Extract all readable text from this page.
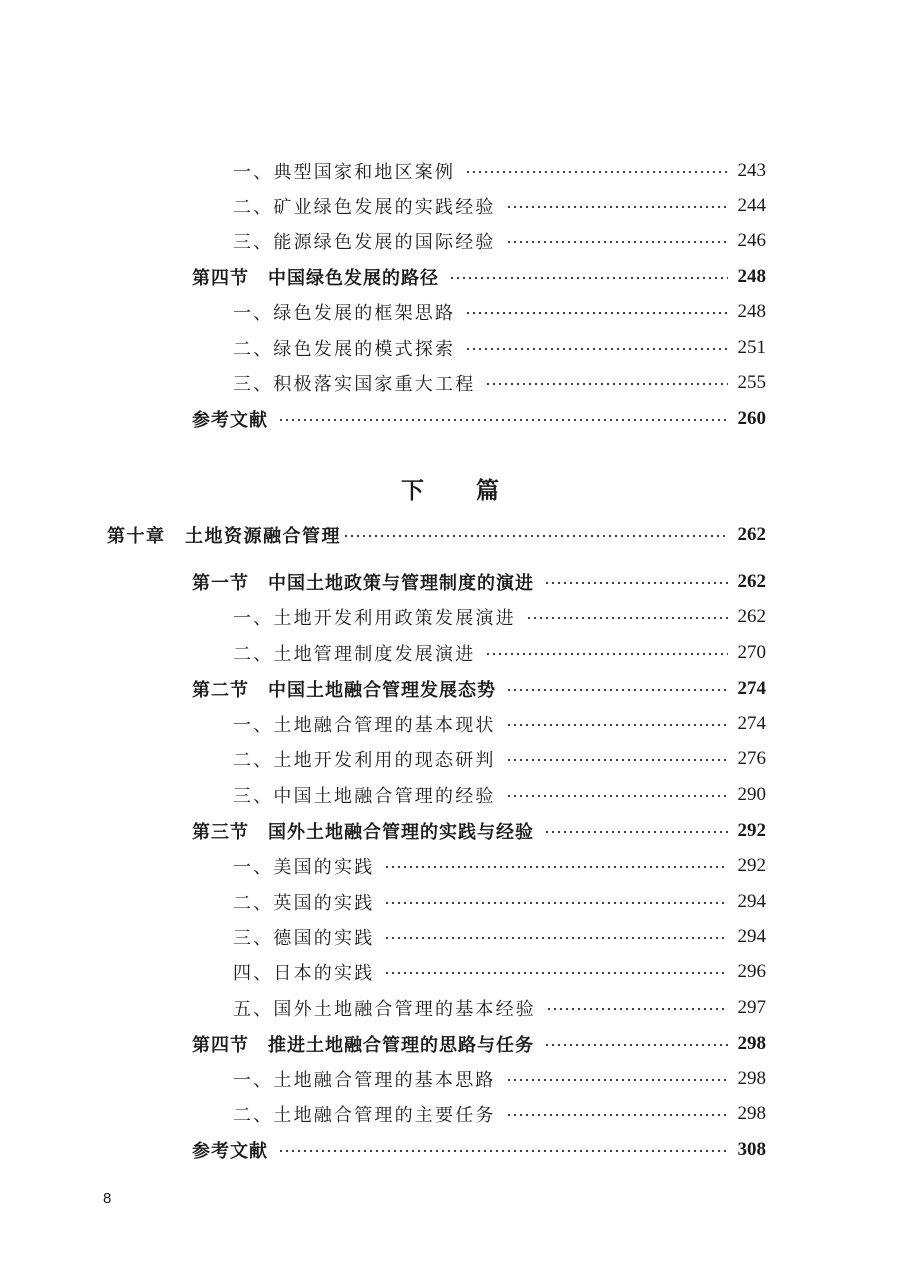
一、典型国家和地区案例	243
二、矿业绿色发展的实践经验	244
三、能源绿色发展的国际经验	246
第四节　中国绿色发展的路径	248
一、绿色发展的框架思路	248
二、绿色发展的模式探索	251
三、积极落实国家重大工程	255
参考文献	260
第十章　土地资源融合管理	262
第一节　中国土地政策与管理制度的演进	262
一、土地开发利用政策发展演进	262
二、土地管理制度发展演进	270
第二节　中国土地融合管理发展态势	274
一、土地融合管理的基本现状	274
二、土地开发利用的现态研判	276
三、中国土地融合管理的经验	290
第三节　国外土地融合管理的实践与经验	292
一、美国的实践	292
二、英国的实践	294
三、德国的实践	294
四、日本的实践	296
五、国外土地融合管理的基本经验	297
第四节　推进土地融合管理的思路与任务	298
一、土地融合管理的基本思路	298
二、土地融合管理的主要任务	298
参考文献	308
下 篇
8
